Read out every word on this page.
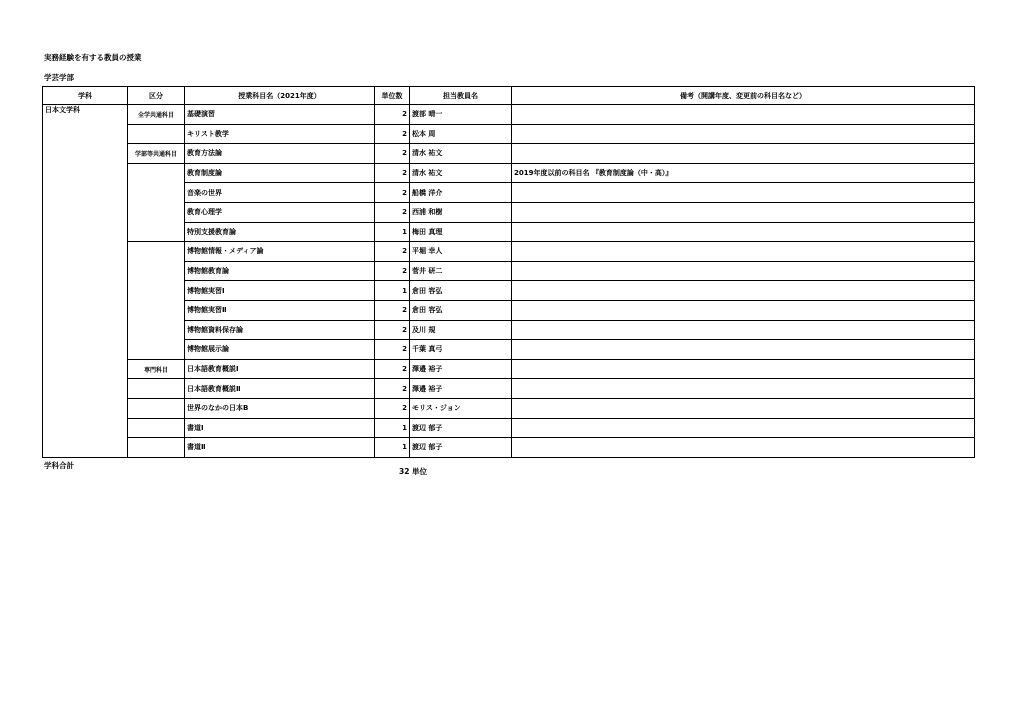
実務経験を有する教員の授業
学芸学部
学科	区分	授業科目名（2021年度）	単位数	担当教員名	備考（開講年度、変更前の科目名など）
日本文学科	全学共通科目	基礎演習	2	渡部 晴一	
		キリスト教学	2	松本 周	
	学部等共通科目	教育方法論	2	清水 祐文	
		教育制度論	2	清水 祐文	2019年度以前の科目名 『教育制度論（中・高）』
		音楽の世界	2	船橋 洋介	
		教育心理学	2	西浦 和樹	
		特別支援教育論	1	梅田 真理	
		博物館情報・メディア論	2	平堀 幸人	
		博物館教育論	2	菅井 研二	
		博物館実習Ⅰ	1	倉田 容弘	
		博物館実習Ⅱ	2	倉田 容弘	
		博物館資料保存論	2	及川 規	
		博物館展示論	2	千葉 真弓	
	専門科目	日本語教育概説Ⅰ	2	澤邉 裕子	
		日本語教育概説Ⅱ	2	澤邉 裕子	
		世界のなかの日本B	2	モリス・ジョン	
		書道Ⅰ	1	渡辺 郁子	
		書道Ⅱ	1	渡辺 郁子	
学科合計
32 単位
